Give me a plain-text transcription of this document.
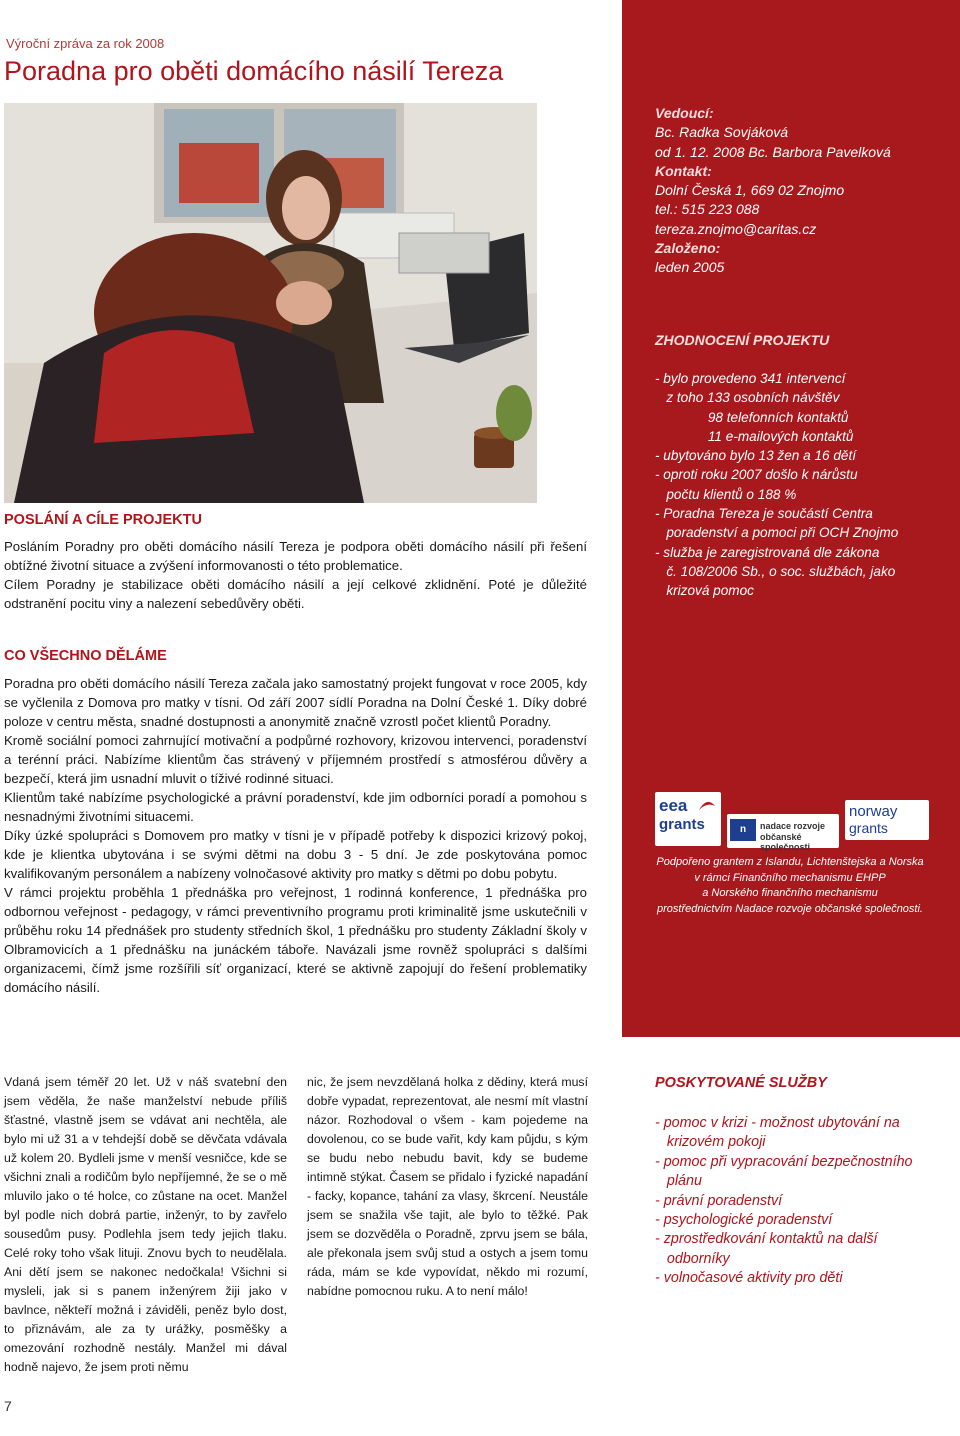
Výroční zpráva za rok 2008
Poradna pro oběti domácího násilí Tereza
POSLÁNÍ A CÍLE PROJEKTU

Posláním Poradny pro oběti domácího násilí Tereza je podpora oběti domácího násilí při řešení obtížné životní situace a zvýšení informovanosti o této problematice.

Cílem Poradny je stabilizace oběti domácího násilí a její celkové zklidnění. Poté je důležité odstranění pocitu viny a nalezení sebedůvěry oběti.

CO VŠECHNO DĚLÁME

Poradna pro oběti domácího násilí Tereza začala jako samostatný projekt fungovat v roce 2005, kdy se vyčlenila z Domova pro matky v tísni. Od září 2007 sídlí Poradna na Dolní České 1. Díky dobré poloze v centru města, snadné dostupnosti a anonymitě značně vzrostl počet klientů Poradny.

Kromě sociální pomoci zahrnující motivační a podpůrné rozhovory, krizovou intervenci, poradenství a terénní práci. Nabízíme klientům čas strávený v příjemném prostředí s atmosférou důvěry a bezpečí, která jim usnadní mluvit o tíživé rodinné situaci.

Klientům také nabízíme psychologické a právní poradenství, kde jim odborníci poradí a pomohou s nesnadnými životními situacemi.

Díky úzké spolupráci s Domovem pro matky v tísni je v případě potřeby k dispozici krizový pokoj, kde je klientka ubytována i se svými dětmi na dobu 3 - 5 dní. Je zde poskytována pomoc kvalifikovaným personálem a nabízeny volnočasové aktivity pro matky s dětmi po dobu pobytu.

V rámci projektu proběhla 1 přednáška pro veřejnost, 1 rodinná konference, 1 přednáška pro odbornou veřejnost - pedagogy, v rámci preventivního programu proti kriminalitě jsme uskutečnili v průběhu roku 14 přednášek pro studenty středních škol, 1 přednášku pro studenty Základní školy v Olbramovicích a 1 přednášku na junáckém táboře. Navázali jsme rovněž spolupráci s dalšími organizacemi, čímž jsme rozšířili síť organizací, které se aktivně zapojují do řešení problematiky domácího násilí.

Vedoucí:
Bc. Radka Sovjáková
od 1. 12. 2008 Bc. Barbora Pavelková
Kontakt:
Dolní Česká 1, 669 02 Znojmo
tel.: 515 223 088
tereza.znojmo@caritas.cz
Založeno:
leden 2005
ZHODNOCENÍ PROJEKTU
- bylo provedeno 341 intervencí
z toho 133 osobních návštěv
98 telefonních kontaktů
11 e-mailových kontaktů
- ubytováno bylo 13 žen a 16 dětí
- oproti roku 2007 došlo k nárůstu
počtu klientů o 188 %
- Poradna Tereza je součástí Centra
poradenství a pomoci při OCH Znojmo
- služba je zaregistrovaná dle zákona
č. 108/2006 Sb., o soc. službách, jako
krizová pomoc
eea
grants	n	nadace rozvoje
občanské společnosti
norway
grants
Podpořeno grantem z Islandu, Lichtenštejska a Norska
v rámci Finančního mechanismu EHPP
a Norského finančního mechanismu
prostřednictvím Nadace rozvoje občanské společnosti.
Vdaná jsem téměř 20 let. Už v náš svatební den jsem věděla, že naše manželství nebude příliš šťastné, vlastně jsem se vdávat ani nechtěla, ale bylo mi už 31 a v tehdejší době se děvčata vdávala už kolem 20. Bydleli jsme v menší vesničce, kde se všichni znali a rodičům bylo nepříjemné, že se o mě mluvilo jako o té holce, co zůstane na ocet. Manžel byl podle nich dobrá partie, inženýr, to by zavřelo sousedům pusy. Podlehla jsem tedy jejich tlaku. Celé roky toho však lituji. Znovu bych to neudělala. Ani dětí jsem se nakonec nedočkala! Všichni si mysleli, jak si s panem inženýrem žiji jako v bavlnce, někteří možná i záviděli, peněz bylo dost, to přiznávám, ale za ty urážky, posměšky a omezování rozhodně nestály. Manžel mi dával hodně najevo, že jsem proti němu
nic, že jsem nevzdělaná holka z dědiny, která musí dobře vypadat, reprezentovat, ale nesmí mít vlastní názor. Rozhodoval o všem - kam pojedeme na dovolenou, co se bude vařit, kdy kam půjdu, s kým se budu nebo nebudu bavit, kdy se budeme intimně stýkat. Časem se přidalo i fyzické napadání - facky, kopance, tahání za vlasy, škrcení. Neustále jsem se snažila vše tajit, ale bylo to těžké. Pak jsem se dozvěděla o Poradně, zprvu jsem se bála, ale překonala jsem svůj stud a ostych a jsem tomu ráda, mám se kde vypovídat, někdo mi rozumí, nabídne pomocnou ruku. A to není málo!
POSKYTOVANÉ SLUŽBY
- pomoc v krizi - možnost ubytování na
krizovém pokoji
- pomoc při vypracování bezpečnostního
plánu
- právní poradenství
- psychologické poradenství
- zprostředkování kontaktů na další
odborníky
- volnočasové aktivity pro děti
7
